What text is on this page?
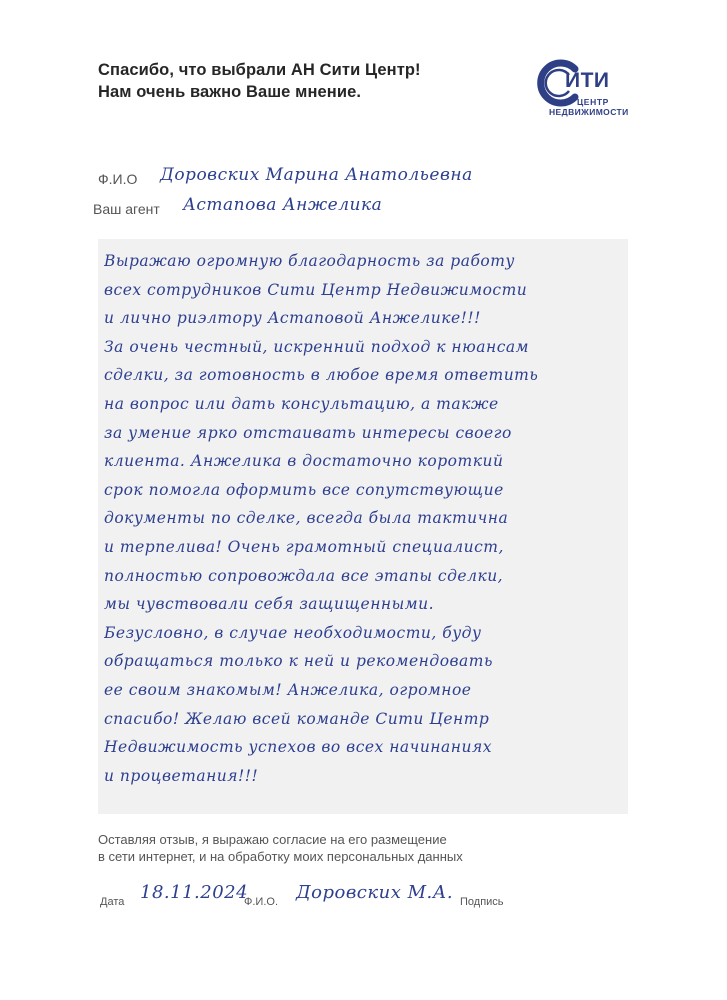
Спасибо, что выбрали АН Сити Центр!
Нам очень важно Ваше мнение.	ИТИ
ЦЕНТР
НЕДВИЖИМОСТИ
Ф.И.О Доровских Марина Анатольевна
Ваш агент Астапова Анжелика
Выражаю огромную благодарность за работу
всех сотрудников Сити Центр Недвижимости
и лично риэлтору Астаповой Анжелике!!!
За очень честный, искренний подход к нюансам
сделки, за готовность в любое время ответить
на вопрос или дать консультацию, а также
за умение ярко отстаивать интересы своего
клиента. Анжелика в достаточно короткий
срок помогла оформить все сопутствующие
документы по сделке, всегда была тактична
и терпелива! Очень грамотный специалист,
полностью сопровождала все этапы сделки,
мы чувствовали себя защищенными.
Безусловно, в случае необходимости, буду
обращаться только к ней и рекомендовать
ее своим знакомым! Анжелика, огромное
спасибо! Желаю всей команде Сити Центр
Недвижимость успехов во всех начинаниях
и процветания!!!
Оставляя отзыв, я выражаю согласие на его размещение
в сети интернет, и на обработку моих персональных данных
Дата 18.11.2024
Ф.И.О. Доровских М.А. Подпись
